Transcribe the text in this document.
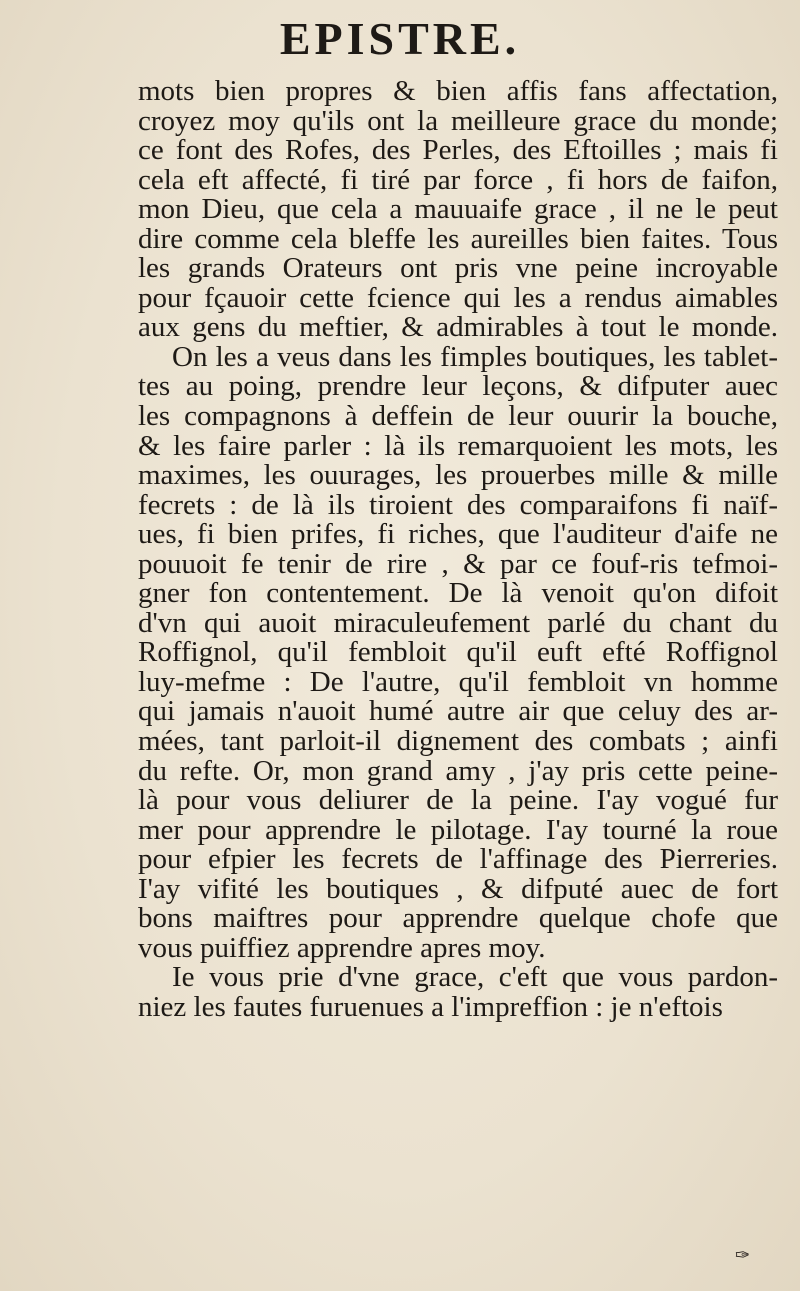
EPISTRE.
mots bien propres & bien affis fans affectation,
croyez moy qu'ils ont la meilleure grace du monde;
ce font des Rofes, des Perles, des Eftoilles ; mais fi
cela eft affecté, fi tiré par force , fi hors de faifon,
mon Dieu, que cela a mauuaife grace , il ne le peut
dire comme cela bleffe les aureilles bien faites. Tous
les grands Orateurs ont pris vne peine incroyable
pour fçauoir cette fcience qui les a rendus aimables
aux gens du meftier, & admirables à tout le monde.
On les a veus dans les fimples boutiques, les tablet-
tes au poing, prendre leur leçons, & difputer auec
les compagnons à deffein de leur ouurir la bouche,
& les faire parler : là ils remarquoient les mots, les
maximes, les ouurages, les prouerbes mille & mille
fecrets : de là ils tiroient des comparaifons fi naïf-
ues, fi bien prifes, fi riches, que l'auditeur d'aife ne
pouuoit fe tenir de rire , & par ce fouf-ris tefmoi-
gner fon contentement. De là venoit qu'on difoit
d'vn qui auoit miraculeufement parlé du chant du
Roffignol, qu'il fembloit qu'il euft efté Roffignol
luy-mefme : De l'autre, qu'il fembloit vn homme
qui jamais n'auoit humé autre air que celuy des ar-
mées, tant parloit-il dignement des combats ; ainfi
du refte. Or, mon grand amy , j'ay pris cette peine-
là pour vous deliurer de la peine. I'ay vogué fur
mer pour apprendre le pilotage. I'ay tourné la roue
pour efpier les fecrets de l'affinage des Pierreries.
I'ay vifité les boutiques , & difputé auec de fort
bons maiftres pour apprendre quelque chofe que
vous puiffiez apprendre apres moy.
Ie vous prie d'vne grace, c'eft que vous pardon-
niez les fautes furuenues a l'impreffion : je n'eftois
✑
